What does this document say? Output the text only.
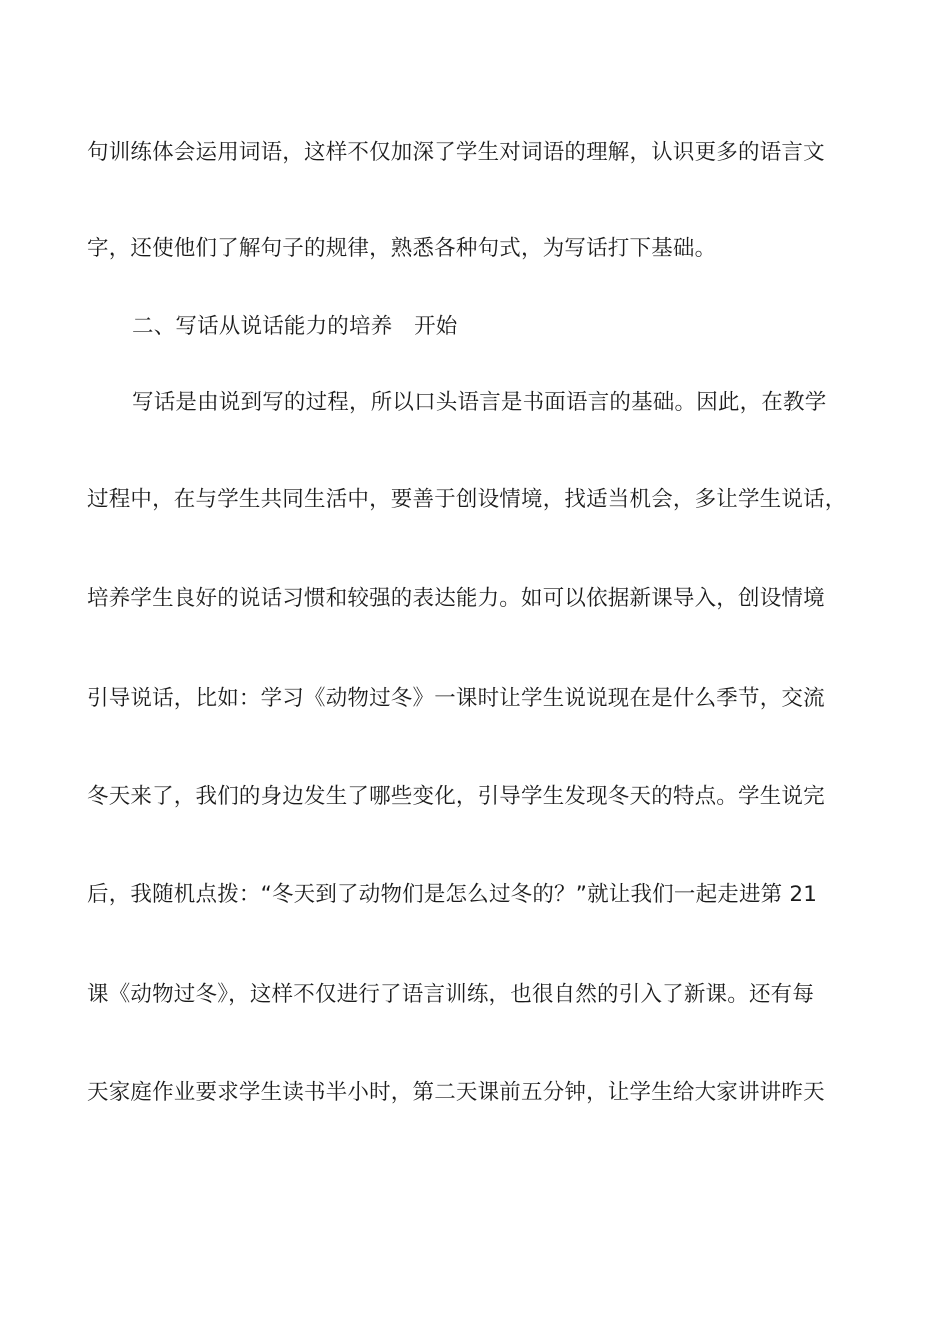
句训练体会运用词语，这样不仅加深了学生对词语的理解，认识更多的语言文
字，还使他们了解句子的规律，熟悉各种句式，为写话打下基础。
二、写话从说话能力的培养　开始
写话是由说到写的过程，所以口头语言是书面语言的基础。因此，在教学
过程中，在与学生共同生活中，要善于创设情境，找适当机会，多让学生说话，
培养学生良好的说话习惯和较强的表达能力。如可以依据新课导入，创设情境
引导说话，比如：学习《动物过冬》一课时让学生说说现在是什么季节，交流
冬天来了，我们的身边发生了哪些变化，引导学生发现冬天的特点。学生说完
后，我随机点拨：“冬天到了动物们是怎么过冬的？”就让我们一起走进第 21
课《动物过冬》，这样不仅进行了语言训练，也很自然的引入了新课。还有每
天家庭作业要求学生读书半小时，第二天课前五分钟，让学生给大家讲讲昨天
